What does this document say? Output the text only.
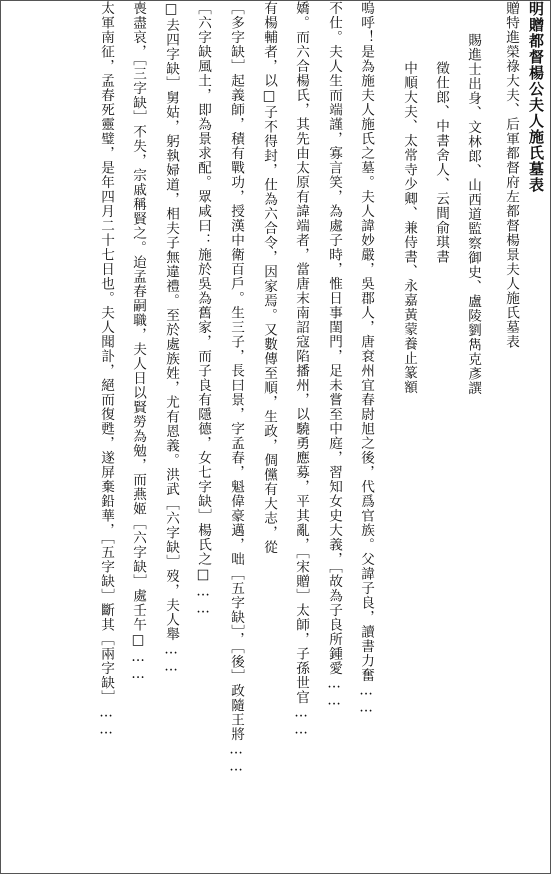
明贈都督楊公夫人施氏墓表
贈特進榮祿大夫、后軍都督府左都督楊景夫人施氏墓表
賜進士出身、文林郎、山西道監察御史、盧陵劉雋克彥譔
徵仕郎、中書舍人、云間俞琪書
中順大夫、太常寺少卿、兼侍書、永嘉黃蒙養止篆額
嗚呼！是為施夫人施氏之墓。夫人諱妙嚴，吳郡人，唐袞州宜春尉旭之後，代爲官族。父諱子良，讀書力奮……
不仕。夫人生而端謹，寡言笑，為處子時，惟日事閨門，足未嘗至中庭，習知女史大義，［故為子良所鍾愛……
嬌。而六合楊氏，其先由太原有諱端者，當唐末南詔寇陷播州，以驍勇應募，平其亂，［宋贈］太師，子孫世官……
有楊輔者，以□子不得封，仕為六合令，因家焉。又數傳至順，生政，倜儻有大志，從
［多字缺］起義師，積有戰功，授漢中衛百戶。生三子，長曰景，字孟春，魁偉豪邁，咄［五字缺］，［後］政隨王將……
［六字缺風土，即為景求配。眾咸曰：施於吳為舊家，而子良有隱德，女七字缺］楊氏之□……
□去四字缺］舅姑，躬執婦道，相夫子無違禮。至於處族姓，尤有恩義。洪武［六字缺］歿，夫人舉……
喪盡哀，［三字缺］不失，宗戚稱賢之。迨孟春嗣職，夫人日以賢勞為勉，而燕姬［六字缺］處壬午□……
太軍南征，孟春死靈璧，是年四月二十七日也。夫人聞訃，絕而復甦，遂屏棄鉛華，［五字缺］斷其［兩字缺］……
